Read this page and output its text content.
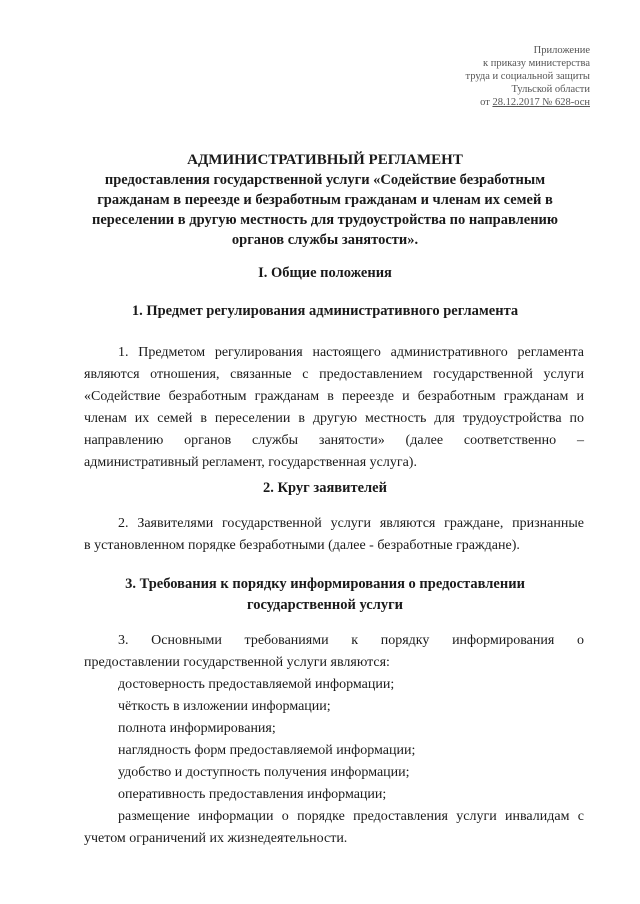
Приложение
к приказу министерства
труда и социальной защиты
Тульской области
от 28.12.2017 № 628-осн
АДМИНИСТРАТИВНЫЙ РЕГЛАМЕНТ
предоставления государственной услуги «Содействие безработным
гражданам в переезде и безработным гражданам и членам их семей в
переселении в другую местность для трудоустройства по направлению
органов службы занятости».
I. Общие положения
1. Предмет регулирования административного регламента
1. Предметом регулирования настоящего административного регламента
являются отношения, связанные с предоставлением государственной услуги
«Содействие безработным гражданам в переезде и безработным гражданам и
членам их семей в переселении в другую местность для трудоустройства по
направлению органов службы занятости» (далее соответственно –
административный регламент, государственная услуга).
2. Круг заявителей
2. Заявителями государственной услуги являются граждане, признанные
в установленном порядке безработными (далее - безработные граждане).
3. Требования к порядку информирования о предоставлении
государственной услуги
3. Основными требованиями к порядку информирования о
предоставлении государственной услуги являются:
достоверность предоставляемой информации;
чёткость в изложении информации;
полнота информирования;
наглядность форм предоставляемой информации;
удобство и доступность получения информации;
оперативность предоставления информации;
размещение информации о порядке предоставления услуги инвалидам с
учетом ограничений их жизнедеятельности.
